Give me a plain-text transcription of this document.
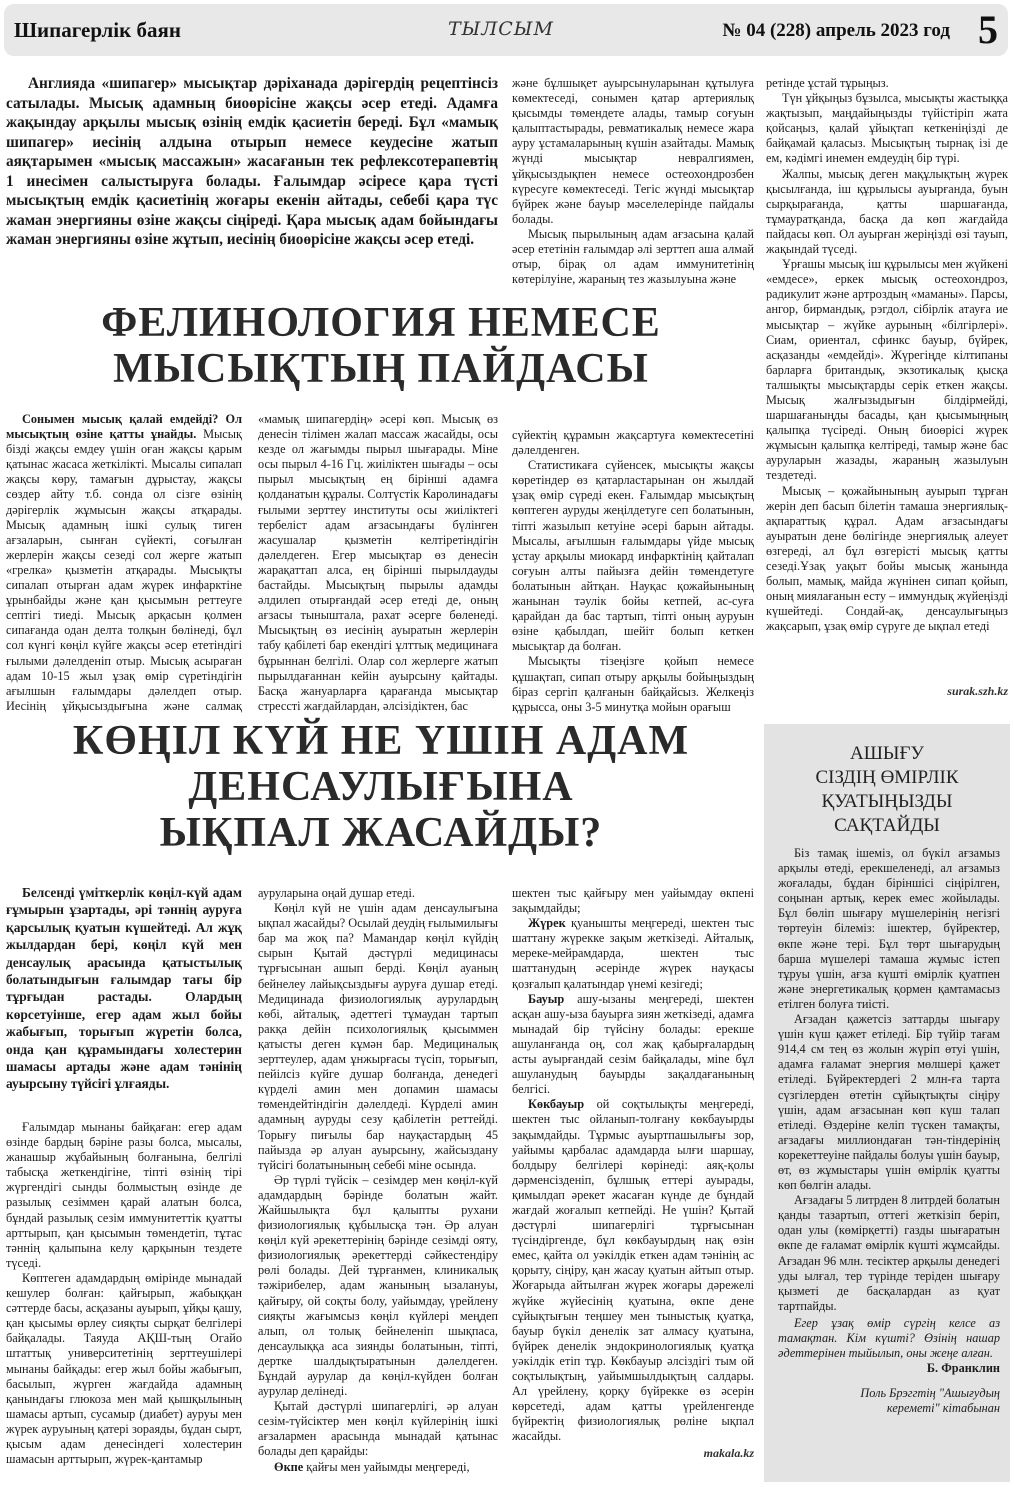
Шипагерлік баян	ТЫЛСЫМ	№ 04 (228) апрель 2023 год 5
Англияда «шипагер» мысықтар дәріханада дәрігердің рецептінсіз сатылады. Мысық адамның биоөрісіне жақсы әсер етеді. Адамға жақындау арқылы мысық өзінің емдік қасиетін береді. Бұл «мамық шипагер» иесінің алдына отырып немесе кеудесіне жатып аяқтарымен «мысық массажын» жасағанын тек рефлексотерапевтің 1 инесімен салыстыруға болады. Ғалымдар әсіресе қара түсті мысықтың емдік қасиетінің жоғары екенін айтады, себебі қара түс жаман энергияны өзіне жақсы сіңіреді. Қара мысық адам бойындағы жаман энергияны өзіне жұтып, иесінің биоөрісіне жақсы әсер етеді.

және бұлшықет ауырсынуларынан құтылуға көмектеседі, сонымен қатар артериялық қысымды төмендете алады, тамыр соғуын қалыптастырады, ревматикалық немесе жара ауру ұстамаларының күшін азайтады. Мамық жүнді мысықтар невралгиямен, ұйқысыздықпен немесе остеохондрозбен күресуге көмектеседі. Тегіс жүнді мысықтар бүйрек және бауыр мәселелерінде пайдалы болады.

Мысық пырылының адам ағзасына қалай әсер ететінін ғалымдар әлі зерттеп аша алмай отыр, бірақ ол адам иммунитетінің көтерілуіне, жараның тез жазылуына және

ФЕЛИНОЛОГИЯ НЕМЕСЕ
МЫСЫҚТЫҢ ПАЙДАСЫ

Сонымен мысық қалай емдейді? Ол мысықтың өзіне қатты ұнайды. Мысық бізді жақсы емдеу үшін оған жақсы қарым қатынас жасаса жеткілікті. Мысалы сипалап жақсы көру, тамағын дұрыстау, жақсы сөздер айту т.б. сонда ол сізге өзінің дәрігерлік жұмысын жақсы атқарады. Мысық адамның ішкі сулық тиген ағзаларын, сынған сүйекті, соғылған жерлерін жақсы сезеді сол жерге жатып «грелка» қызметін атқарады. Мысықты сипалап отырған адам жүрек инфарктіне ұрынбайды және қан қысымын реттеуге септігі тиеді. Мысық арқасын қолмен сипағанда одан делта толқын бөлінеді, бұл сол күнгі көңіл күйге жақсы әсер ететіндігі ғылыми дәлелденіп отыр. Мысық асыраған адам 10-15 жыл ұзақ өмір сүретіндігін ағылшын ғалымдары дәлелдеп отыр. Иесінің ұйқысыздығына және салмақ

«мамық шипагердің» әсері көп. Мысық өз денесін тілімен жалап массаж жасайды, осы кезде ол жағымды пырыл шығарады. Міне осы пырыл 4-16 Гц. жиіліктен шығады – осы пырыл мысықтың ең бірінші адамға қолданатын құралы. Солтүстік Каролинадағы ғылыми зерттеу институты осы жиіліктегі тербеліст адам ағзасындағы бүлінген жасушалар қызметін келтіретіндігін дәлелдеген. Егер мысықтар өз денесін жарақаттап алса, ең бірінші пырылдауды бастайды. Мысықтың пырылы адамды әлдилеп отырғандай әсер етеді де, оның ағзасы тыныштала, рахат әсерге бөленеді. Мысықтың өз иесінің ауыратын жерлерін табу қабілеті бар екендігі ұлттық медицинаға бұрыннан белгілі. Олар сол жерлерге жатып пырылдағаннан кейін ауырсыну қайтады. Басқа жануарларға қарағанда мысықтар стрессті жағдайлардан, әлсізідіктен, бас

сүйектің құрамын жақсартуға көмектесетіні дәлелденген.

Статистикаға сүйенсек, мысықты жақсы көретіндер өз қатарластарынан он жылдай ұзақ өмір сүреді екен. Ғалымдар мысықтың көптеген ауруды жеңілдетуге сеп болатынын, тіпті жазылып кетуіне әсері барын айтады. Мысалы, ағылшын ғалымдары үйде мысық ұстау арқылы миокард инфарктінің қайталап соғуын алты пайызға дейін төмендетуге болатынын айтқан. Науқас қожайынының жанынан тәулік бойы кетпей, ас-суға қарайдан да бас тартып, тіпті оның ауруын өзіне қабылдап, шейіт болып кеткен мысықтар да болған.

Мысықты тізеңізге қойып немесе құшақтап, сипап отыру арқылы бойыңыздың біраз сергіп қалғанын байқайсыз. Желкеңіз құрысса, оны 3-5 минутқа мойын орағыш

ретінде ұстай тұрыңыз.

Түн ұйқыңыз бұзылса, мысықты жастыққа жақтызып, маңдайыңызды түйістіріп жата қойсаңыз, қалай ұйықтап кеткеніңізді де байқамай қаласыз. Мысықтың тырнақ ізі де ем, кәдімгі инемен емдеудің бір түрі.

Жалпы, мысық деген мақұлықтың жүрек қысылғанда, іш құрылысы ауырғанда, буын сырқырағанда, қатты шаршағанда, тұмауратқанда, басқа да көп жағдайда пайдасы көп. Ол ауырған жеріңізді өзі тауып, жақындай түседі.

Ұрғашы мысық іш құрылысы мен жүйкені «емдесе», еркек мысық остеохондроз, радикулит және артроздың «маманы». Парсы, ангор, бирмандық, рэгдол, сібірлік атауға ие мысықтар – жүйке аурының «білгірлері». Сиам, ориентал, сфинкс бауыр, бүйрек, асқазанды «емдейді». Жүрегіңде кілтипаны барларға британдық, экзотикалық қысқа талшықты мысықтарды серік еткен жақсы. Мысық жалғызыдығын білдірмейді, шаршағаныңды басады, қан қысымыңның қалыпқа түсіреді. Оның биоөрісі жүрек жұмысын қалыпқа келтіреді, тамыр және бас ауруларын жазады, жараның жазылуын тездетеді.

Мысық – қожайынының ауырып тұрған жерін деп басып білетін тамаша энергиялық-ақпараттық құрал. Адам ағзасындағы ауыратын дене бөлігінде энергиялық алеует өзгереді, ал бұл өзгерісті мысық қатты сезеді.Ұзақ уақыт бойы мысық жанында болып, мамық, майда жүнінен сипап қойып, оның миялағанын есту – иммундық жүйеңізді күшейтеді. Сондай-ақ, денсаулығыңыз жақсарып, ұзақ өмір сүруге де ықпал етеді

surak.szh.kz
КӨҢІЛ КҮЙ НЕ ҮШІН АДАМ
ДЕНСАУЛЫҒЫНА
ЫҚПАЛ ЖАСАЙДЫ?

Белсенді үміткерлік көңіл-күй адам ғұмырын ұзартады, әрі тәннің ауруға қарсылық қуатын күшейтеді. Ал жұқ жылдардан бері, көңіл күй мен денсаулық арасында қатыстылық болатындығын ғалымдар тағы бір тұрғыдан растады. Олардың көрсетуінше, егер адам жыл бойы жабығып, торығып жүретін болса, онда қан құрамындағы холестерин шамасы артады және адам тәнінің ауырсыну түйсігі ұлғаяды.

Ғалымдар мынаны байқаған: егер адам өзінде бардың бәріне разы болса, мысалы, жанашыр жұбайының болғанына, белгілі табысқа жеткендігіне, тіпті өзінің тірі жүргендігі сынды болмыстың өзінде де разылық сезіммен қарай алатын болса, бұндай разылық сезім иммунитеттік қуатты арттырып, қан қысымын төмендетіп, тұтас тәннің қалыпына келу қарқынын тездете түседі.

Көптеген адамдардың өмірінде мынадай кешулер болған: қайғырып, жабыққан сәттерде басы, асқазаны ауырып, ұйқы қашу, қан қысымы өрлеу сияқты сырқат белгілері байқалады. Таяуда АҚШ-тың Огайо штаттық университетінің зерттеушілері мынаны байқады: егер жыл бойы жабығып, басылып, жүрген жағдайда адамның қанындағы глюкоза мен май қышқылының шамасы артып, сусамыр (диабет) ауруы мен жүрек ауруының қатері зораяды, бұдан сырт, қысым адам денесіндегі холестерин шамасын арттырып, жүрек-қантамыр

ауруларына оңай душар етеді.

Көңіл күй не үшін адам денсаулығына ықпал жасайды? Осылай деудің ғылымилығы бар ма жоқ па? Мамандар көңіл күйдің сырын Қытай дәстүрлі медицинасы тұрғысынан ашып берді. Көңіл ауаның бейнелеу лайықсыздығы ауруға душар етеді. Медицинада физиологиялық аурулардың көбі, айталық, әдеттегі тұмаудан тартып ракқа дейін психологиялық қысыммен қатысты деген кұмән бар. Медициналық зерттеулер, адам ұнжырғасы түсіп, торығып, пейілсіз күйге душар болғанда, денедегі күрделі амин мен допамин шамасы төмендейтіндігін дәлелдеді. Күрделі амин адамның ауруды сезу қабілетін реттейді. Торығу пиғылы бар науқастардың 45 пайызда әр алуан ауырсыну, жайсыздану түйсігі болатынының себебі міне осында.

Әр түрлі түйсік – сезімдер мен көңіл-күй адамдардың бәрінде болатын жайт. Жайшылықта бұл қалыпты рухани физиологиялық құбылысқа тән. Әр алуан көңіл күй әрекеттерінің бәрінде сезімді ояту, физиологиялық әрекеттерді сәйкестендіру рөлі болады. Дей тұрғанмен, клиникалық тәжірибелер, адам жанының ызалануы, қайғыру, ой соқты болу, уайымдау, үрейлену сияқты жағымсыз көңіл күйлері меңдеп алып, ол толық бейнеленіп шықпаса, денсаулыққа аса зиянды болатынын, тіпті, дертке шалдықтыратынын дәлелдеген. Бұндай аурулар да көңіл-күйден болған аурулар делінеді.

Қытай дәстүрлі шипагерлігі, әр алуан сезім-түйсіктер мен көңіл күйлерінің ішкі ағзалармен арасында мынадай қатынас болады деп қарайды:

Өкпе қайғы мен уайымды меңгереді,

шектен тыс қайғыру мен уайымдау өкпені зақымдайды;

Жүрек қуанышты меңгереді, шектен тыс шаттану жүрекке зақым жеткізеді. Айталық, мереке-мейрамдарда, шектен тыс шаттанудың әсерінде жүрек науқасы қозғалып қалатындар үнемі кезігеді;

Бауыр ашу-ызаны меңгереді, шектен асқан ашу-ыза бауырға зиян жеткізеді, адамға мынадай бір түйсіну болады: ерекше ашуланғанда оң, сол жақ қабырғалардың асты ауырғандай сезім байқалады, мine бұл ашуланудың бауырды зақалдағанының белгісі.

Көкбауыр ой соқтылықты меңгереді, шектен тыс ойланып-толғану көкбауырды зақымдайды. Тұрмыс ауыртпашылығы зор, уайымы қарбалас адамдарда ылғи шаршау, болдыру белгілері көрінеді: аяқ-қолы дәрменсізденіп, бұлшық еттері ауырады, қимылдап әрекет жасаған күнде де бұндай жағдай жоғалып кетпейді. Не үшін? Қытай дәстүрлі шипагерлігі тұрғысынан түсіндіргенде, бұл көкбауырдың нақ өзін емес, қайта ол уәкілдік еткен адам тәнінің ас қорыту, сіңіру, қан жасау қуатын айтып отыр. Жоғарыда айтылған жүрек жоғары дәрежелі жүйке жүйесінің қуатына, өкпе дене сұйықтығын теңшеу мен тыныстық қуатқа, бауыр бүкіл денелік зат алмасу қуатына, бүйрек денелік эндокринологиялық қуатқа уәкілдік етіп тұр. Көкбауыр әлсіздігі тым ой соқтылықтың, уайымшылдықтың салдары. Ал үрейлену, қорқу бүйрекке өз әсерін көрсетеді, адам қатты үрейленгенде бүйректің физиологиялық рөліне ықпал жасайды.

makala.kz
АШЫҒУ
СІЗДІҢ ӨМІРЛІК
ҚУАТЫҢЫЗДЫ
САҚТАЙДЫ

Біз тамақ ішеміз, ол бүкіл ағзамыз арқылы өтеді, ерекшеленеді, ал ағзамыз жоғалады, бұдан біріншісі сіңірілген, соңынан артық, керек емес жойылады. Бұл бөліп шығару мүшелерінің негізгі төртеуін білеміз: ішектер, бүйректер, өкпе және тері. Бұл төрт шығарудың барша мүшелері тамаша жұмыс істеп тұруы үшін, ағза күшті өмірлік қуатпен және энергетикалық қормен қамтамасыз етілген болуға тиісті.

Ағзадан қажетсіз заттарды шығару үшін күш қажет етіледі. Бір түйір тағам 914,4 см тең өз жолын жүріп өтуі үшін, адамға ғаламат энергия мөлшері қажет етіледі. Бүйректердегі 2 млн-ға тарта сүзгілерден өтетін сұйықтықты сіңіру үшін, адам ағзасынан көп күш талап етіледі. Өздеріне келіп түскен тамақты, ағзадағы миллиондаған тән-тіндерінің корекеттеуіне пайдалы болуы үшін бауыр, өт, өз жұмыстары үшін өмірлік қуатты көп бөлгін алады.

Ағзадағы 5 литрден 8 литрдей болатын қанды тазартып, оттегі жеткізіп беріп, одан улы (көмірқетті) газды шығаратын өкпе де ғаламат өмірлік күшті жұмсайды. Ағзадан 96 млн. тесіктер арқылы денедегі уды ылғал, тер түрінде теріден шығару қызметі де басқалардан аз қуат тартпайды.

Егер ұзақ өмір сүргің келсе аз тамақтан. Кім күшті? Өзінің нашар әдеттерінен тыйылып, оны жеңе алған.

Б. Франклин

Поль Брэггтің "Ашығудың
кереметі" кітабынан
